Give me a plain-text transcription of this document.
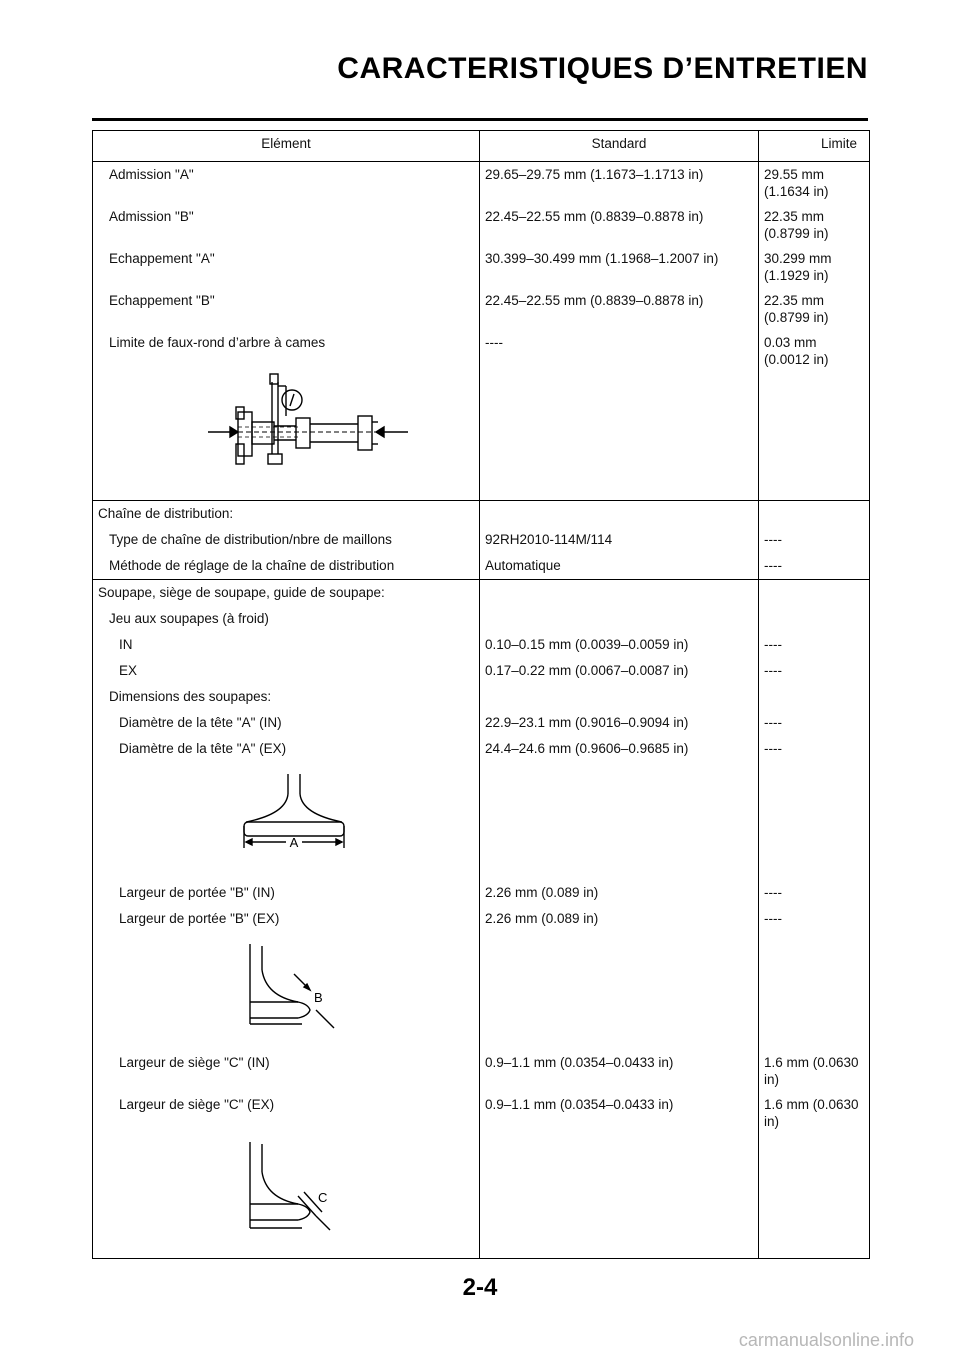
CARACTERISTIQUES D’ENTRETIEN
Elément	Standard	Limite
Admission "A"	29.65–29.75 mm (1.1673–1.1713 in)	29.55 mm (1.1634 in)
Admission "B"	22.45–22.55 mm (0.8839–0.8878 in)	22.35 mm (0.8799 in)
Echappement "A"	30.399–30.499 mm (1.1968–1.2007 in)	30.299 mm (1.1929 in)
Echappement "B"	22.45–22.55 mm (0.8839–0.8878 in)	22.35 mm (0.8799 in)
Limite de faux-rond d’arbre à cames	----	0.03 mm (0.0012 in)

Chaîne de distribution:		
Type de chaîne de distribution/nbre de maillons	92RH2010-114M/114	----
Méthode de réglage de la chaîne de distribution	Automatique	----
Soupape, siège de soupape, guide de soupape:		
Jeu aux soupapes (à froid)		
IN	0.10–0.15 mm (0.0039–0.0059 in)	----
EX	0.17–0.22 mm (0.0067–0.0087 in)	----
Dimensions des soupapes:		
Diamètre de la tête "A" (IN)	22.9–23.1 mm (0.9016–0.9094 in)	----
Diamètre de la tête "A" (EX)	24.4–24.6 mm (0.9606–0.9685 in)	----

A		

Largeur de portée "B" (IN)	2.26 mm (0.089 in)	----
Largeur de portée "B" (EX)	2.26 mm (0.089 in)	----

B		

Largeur de siège "C" (IN)	0.9–1.1 mm (0.0354–0.0433 in)	1.6 mm (0.0630 in)
Largeur de siège "C" (EX)	0.9–1.1 mm (0.0354–0.0433 in)	1.6 mm (0.0630 in)

C		

2-4
carmanualsonline.info
